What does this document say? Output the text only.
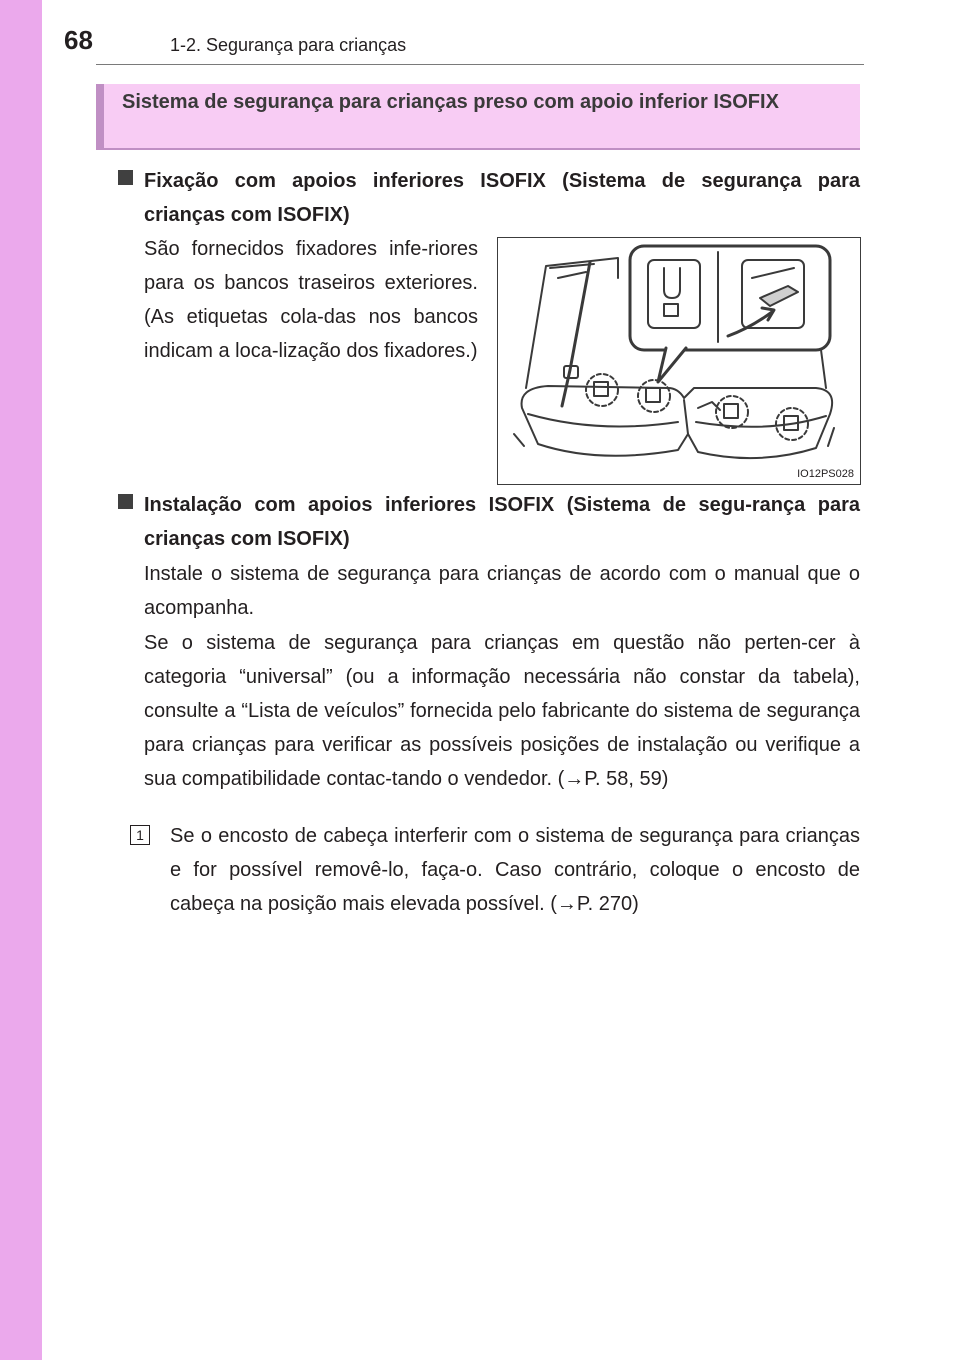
68	1-2. Segurança para crianças
Sistema de segurança para crianças preso com apoio inferior ISOFIX
Fixação com apoios inferiores ISOFIX (Sistema de segurança para crianças com ISOFIX)
São fornecidos fixadores infe-riores para os bancos traseiros exteriores. (As etiquetas cola-das nos bancos indicam a loca-lização dos fixadores.)
IO12PS028
Instalação com apoios inferiores ISOFIX (Sistema de segu-rança para crianças com ISOFIX)
Instale o sistema de segurança para crianças de acordo com o manual que o acompanha.
Se o sistema de segurança para crianças em questão não perten-cer à categoria “universal” (ou a informação necessária não constar da tabela), consulte a “Lista de veículos” fornecida pelo fabricante do sistema de segurança para crianças para verificar as possíveis posições de instalação ou verifique a sua compatibilidade contac-tando o vendedor. (→P. 58, 59)
1	Se o encosto de cabeça interferir com o sistema de segurança para crianças e for possível removê-lo, faça-o. Caso contrário, coloque o encosto de cabeça na posição mais elevada possível. (→P. 270)
